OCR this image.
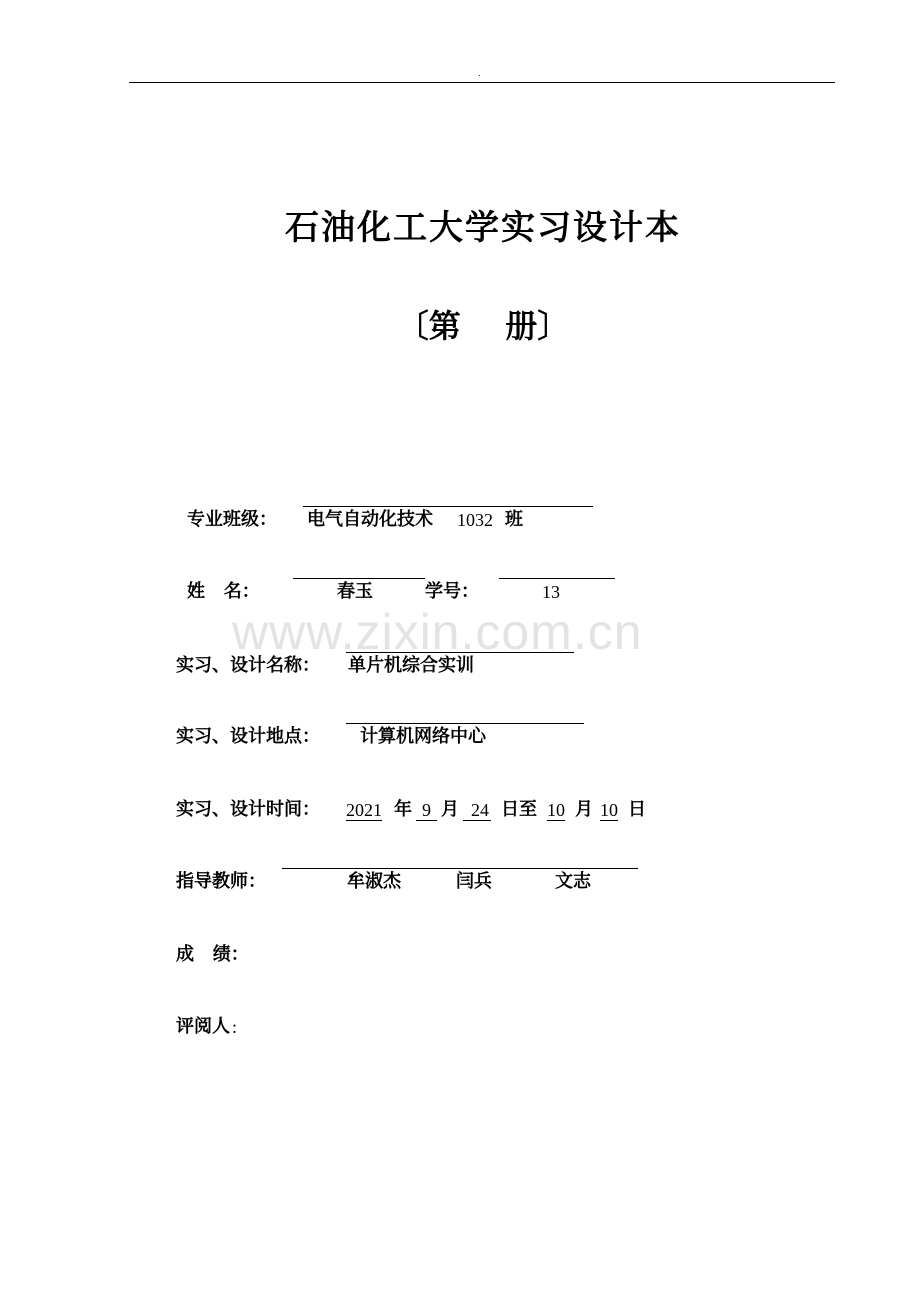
.
石油化工大学实习设计本
〔第    册〕
www.zixin.com.cn
专业班级： 电气自动化技术 1032 班
姓   名：	春玉	学号：	13
实习、设计名称： 单片机综合实训
实习、设计地点： 计算机网络中心
实习、设计时间： 2021 年 9 月 24 日至 10 月 10 日
指导教师：	牟淑杰	闫兵	文志
成   绩：
评阅人 :
